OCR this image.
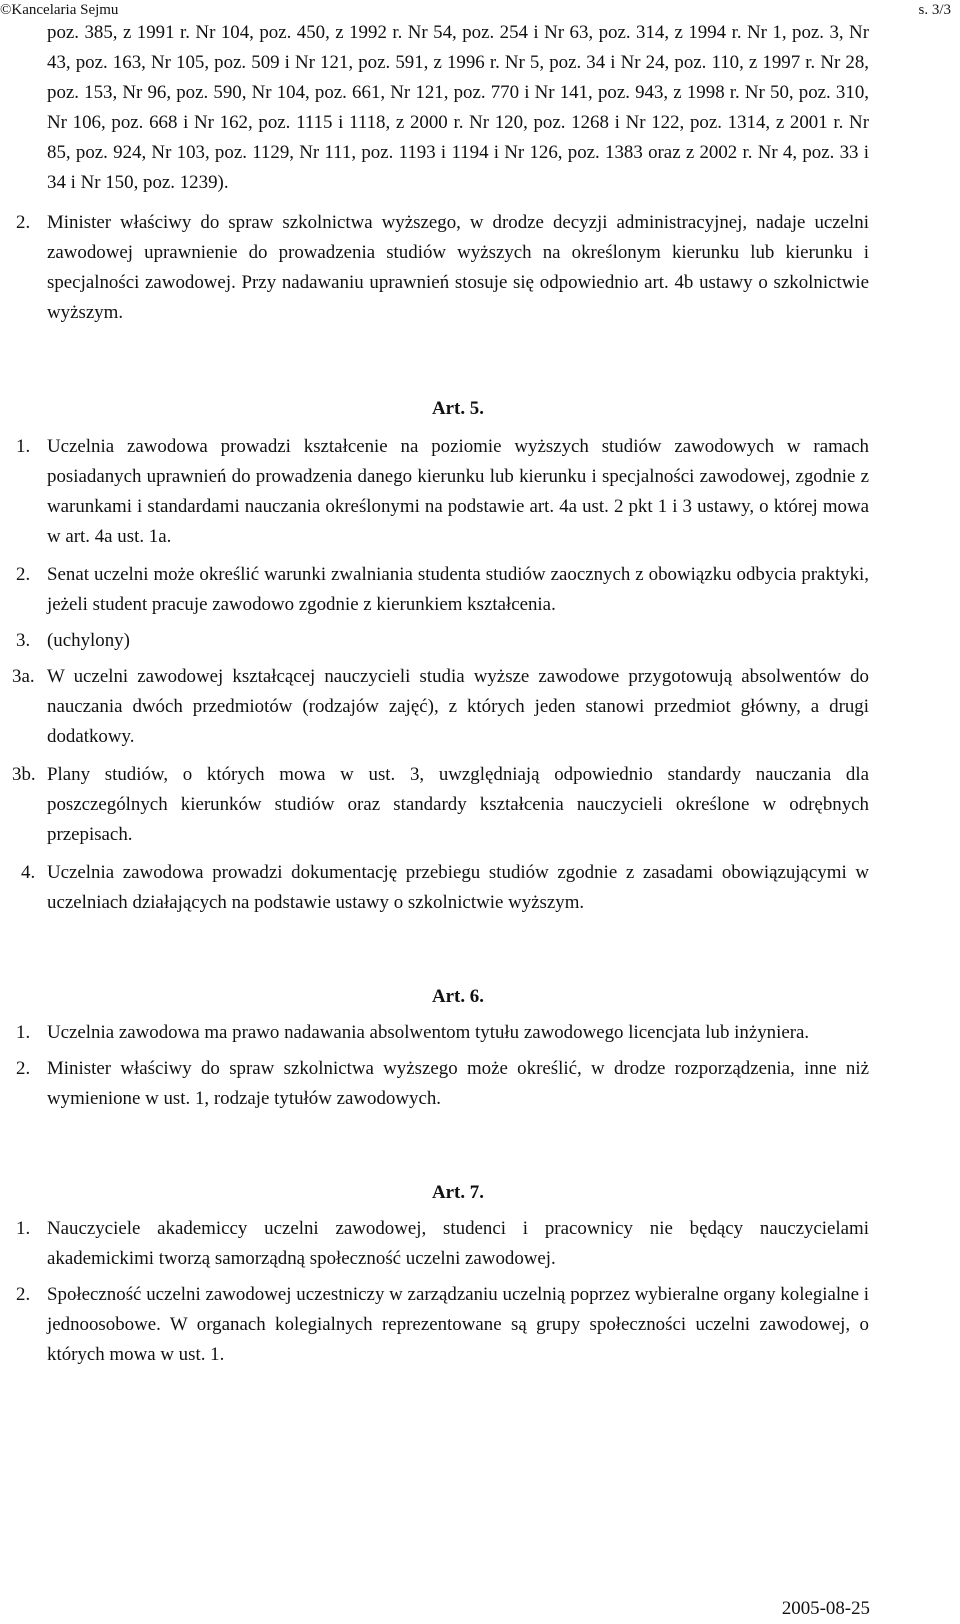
©Kancelaria Sejmu	s. 3/3
poz. 385, z 1991 r. Nr 104, poz. 450, z 1992 r. Nr 54, poz. 254 i Nr 63, poz. 314, z 1994 r. Nr 1, poz. 3, Nr 43, poz. 163, Nr 105, poz. 509 i Nr 121, poz. 591, z 1996 r. Nr 5, poz. 34 i Nr 24, poz. 110, z 1997 r. Nr 28, poz. 153, Nr 96, poz. 590, Nr 104, poz. 661, Nr 121, poz. 770 i Nr 141, poz. 943, z 1998 r. Nr 50, poz. 310, Nr 106, poz. 668 i Nr 162, poz. 1115 i 1118, z 2000 r. Nr 120, poz. 1268 i Nr 122, poz. 1314, z 2001 r. Nr 85, poz. 924, Nr 103, poz. 1129, Nr 111, poz. 1193 i 1194 i Nr 126, poz. 1383 oraz z 2002 r. Nr 4, poz. 33 i 34 i Nr 150, poz. 1239).
2. Minister właściwy do spraw szkolnictwa wyższego, w drodze decyzji administracyjnej, nadaje uczelni zawodowej uprawnienie do prowadzenia studiów wyższych na określonym kierunku lub kierunku i specjalności zawodowej. Przy nadawaniu uprawnień stosuje się odpowiednio art. 4b ustawy o szkolnictwie wyższym.
Art. 5.
1. Uczelnia zawodowa prowadzi kształcenie na poziomie wyższych studiów zawodowych w ramach posiadanych uprawnień do prowadzenia danego kierunku lub kierunku i specjalności zawodowej, zgodnie z warunkami i standardami nauczania określonymi na podstawie art. 4a ust. 2 pkt 1 i 3 ustawy, o której mowa w art. 4a ust. 1a.
2. Senat uczelni może określić warunki zwalniania studenta studiów zaocznych z obowiązku odbycia praktyki, jeżeli student pracuje zawodowo zgodnie z kierunkiem kształcenia.
3. (uchylony)
3a. W uczelni zawodowej kształcącej nauczycieli studia wyższe zawodowe przygotowują absolwentów do nauczania dwóch przedmiotów (rodzajów zajęć), z których jeden stanowi przedmiot główny, a drugi dodatkowy.
3b. Plany studiów, o których mowa w ust. 3, uwzględniają odpowiednio standardy nauczania dla poszczególnych kierunków studiów oraz standardy kształcenia nauczycieli określone w odrębnych przepisach.
4. Uczelnia zawodowa prowadzi dokumentację przebiegu studiów zgodnie z zasadami obowiązującymi w uczelniach działających na podstawie ustawy o szkolnictwie wyższym.
Art. 6.
1. Uczelnia zawodowa ma prawo nadawania absolwentom tytułu zawodowego licencjata lub inżyniera.
2. Minister właściwy do spraw szkolnictwa wyższego może określić, w drodze rozporządzenia, inne niż wymienione w ust. 1, rodzaje tytułów zawodowych.
Art. 7.
1. Nauczyciele akademiccy uczelni zawodowej, studenci i pracownicy nie będący nauczycielami akademickimi tworzą samorządną społeczność uczelni zawodowej.
2. Społeczność uczelni zawodowej uczestniczy w zarządzaniu uczelnią poprzez wybieralne organy kolegialne i jednoosobowe. W organach kolegialnych reprezentowane są grupy społeczności uczelni zawodowej, o których mowa w ust. 1.
2005-08-25
